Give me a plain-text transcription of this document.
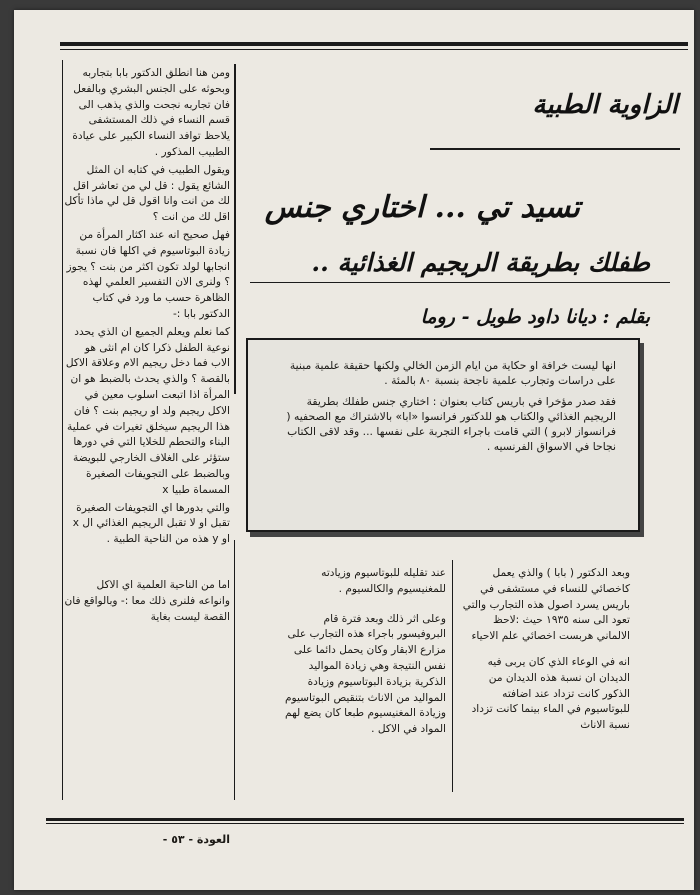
الزاوية الطبية
تسيد تي ... اختاري جنس
طفلك بطريقة الريجيم الغذائية ..
بقلم : ديانا داود طويل - روما

انها ليست خرافة او حكاية من ايام الزمن الخالي ولكنها حقيقة علمية مبنية على دراسات وتجارب علمية ناجحة بنسبة ٨٠ بالمئة .

فقد صدر مؤخرا في باريس كتاب بعنوان : اختاري جنس طفلك بطريقة الريجيم الغذائي والكتاب هو للدكتور فرانسوا «ابا» بالاشتراك مع الصحفيه ( فرانسواز لابرو ) التي قامت باجراء التجربة على نفسها ... وقد لاقى الكتاب نجاحا في الاسواق الفرنسيه .

ومن هنا انطلق الدكتور بابا بتجاربه وبحوثه على الجنس البشري وبالفعل فان تجاربه نجحت والذي يذهب الى قسم النساء في ذلك المستشفى يلاحظ توافد النساء الكبير على عيادة الطبيب المذكور .

ويقول الطبيب في كتابه ان المثل الشائع يقول : قل لي من تعاشر اقل لك من انت وانا اقول قل لي ماذا تأكل اقل لك من انت ؟

فهل صحيح انه عند اكثار المرأة من زيادة البوتاسيوم في اكلها فان نسبة انجابها لولد تكون اكثر من بنت ؟ يجوز ؟ ولنرى الان التفسير العلمي لهذه الظاهرة حسب ما ورد في كتاب الدكتور بابا :-

كما نعلم ويعلم الجميع ان الذي يحدد نوعية الطفل ذكرا كان ام انثى هو الاب فما دخل ريجيم الام وعلاقة الاكل بالقصة ؟ والذي يحدث بالضبط هو ان المرأة اذا اتبعت اسلوب معين في الاكل ريجيم ولد او ريجيم بنت ؟ فان هذا الريجيم سيخلق تغيرات في عملية البناء والتحطم للخلايا التي في دورها ستؤثر على الغلاف الخارجي للبويضة وبالضبط على التجويفات الصغيرة المسماة طبيا x

والتي بدورها اي التجويفات الصغيرة تقبل او لا تقبل الريجيم الغذائي ال x او y هذه من الناحية الطبية .

اما من الناحية العلمية اي الاكل وانواعه فلنرى ذلك معا :- وبالواقع فان القصة ليست بغاية

عند تقليله للبوتاسيوم وزيادته للمغنيسيوم والكالسيوم .

وعلى اثر ذلك وبعد فترة قام البروفيسور باجراء هذه التجارب على مزارع الابقار وكان يحمل دائما على نفس النتيجة وهي زيادة المواليد الذكرية بزيادة البوتاسيوم وزيادة المواليد من الاناث بتنقيص البوتاسيوم وزيادة المغنيسيوم طبعا كان يضع لهم المواد في الاكل .

وبعد الدكتور ( بابا ) والذي يعمل كاخصائي للنساء في مستشفى في باريس يسرد اصول هذه التجارب والتي تعود الى سنه ١٩٣٥ حيث :لاحظ الالماني هربست اخصائي علم الاحياء

انه في الوعاء الذي كان يربى فيه الديدان ان نسبة هذه الديدان من الذكور كانت تزداد عند اضافته للبوتاسيوم في الماء بينما كانت تزداد نسبة الاناث

العودة - ٥٣ -
